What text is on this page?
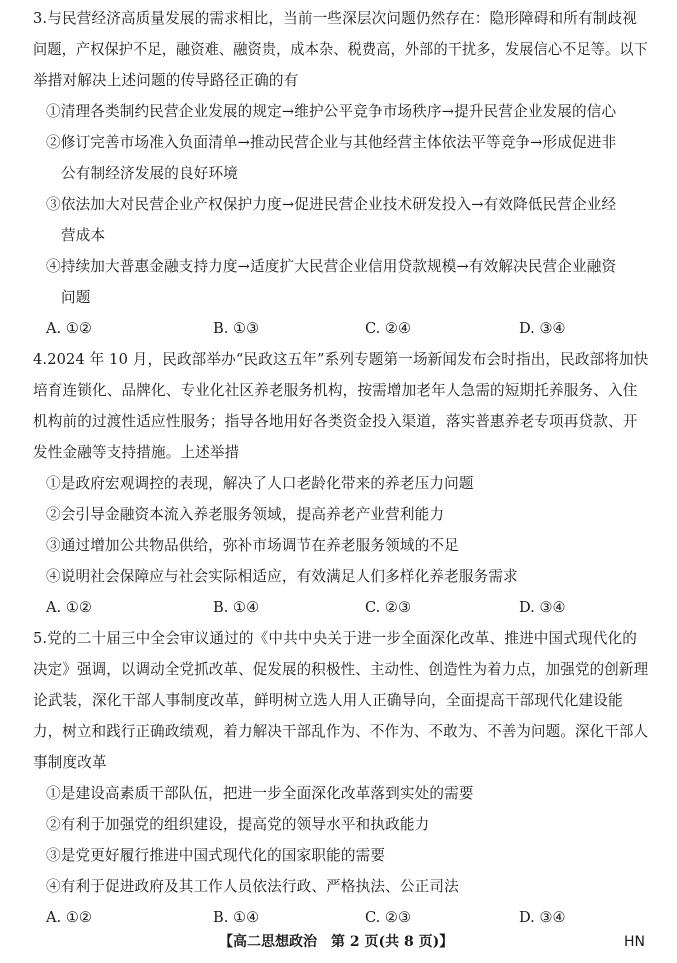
3.与民营经济高质量发展的需求相比，当前一些深层次问题仍然存在：隐形障碍和所有制歧视
问题，产权保护不足，融资难、融资贵，成本杂、税费高，外部的干扰多，发展信心不足等。以下
举措对解决上述问题的传导路径正确的有
①清理各类制约民营企业发展的规定→维护公平竞争市场秩序→提升民营企业发展的信心
②修订完善市场准入负面清单→推动民营企业与其他经营主体依法平等竞争→形成促进非
公有制经济发展的良好环境
③依法加大对民营企业产权保护力度→促进民营企业技术研发投入→有效降低民营企业经
营成本
④持续加大普惠金融支持力度→适度扩大民营企业信用贷款规模→有效解决民营企业融资
问题
A. ①②	B. ①③	C. ②④	D. ③④
4.2024 年 10 月，民政部举办“民政这五年”系列专题第一场新闻发布会时指出，民政部将加快
培育连锁化、品牌化、专业化社区养老服务机构，按需增加老年人急需的短期托养服务、入住
机构前的过渡性适应性服务；指导各地用好各类资金投入渠道，落实普惠养老专项再贷款、开
发性金融等支持措施。上述举措
①是政府宏观调控的表现，解决了人口老龄化带来的养老压力问题
②会引导金融资本流入养老服务领域，提高养老产业营利能力
③通过增加公共物品供给，弥补市场调节在养老服务领域的不足
④说明社会保障应与社会实际相适应，有效满足人们多样化养老服务需求
A. ①②	B. ①④	C. ②③	D. ③④
5.党的二十届三中全会审议通过的《中共中央关于进一步全面深化改革、推进中国式现代化的
决定》强调，以调动全党抓改革、促发展的积极性、主动性、创造性为着力点，加强党的创新理
论武装，深化干部人事制度改革，鲜明树立选人用人正确导向，全面提高干部现代化建设能
力，树立和践行正确政绩观，着力解决干部乱作为、不作为、不敢为、不善为问题。深化干部人
事制度改革
①是建设高素质干部队伍，把进一步全面深化改革落到实处的需要
②有利于加强党的组织建设，提高党的领导水平和执政能力
③是党更好履行推进中国式现代化的国家职能的需要
④有利于促进政府及其工作人员依法行政、严格执法、公正司法
A. ①②	B. ①④	C. ②③	D. ③④
【高二思想政治　第 2 页(共 8 页)】	HN
